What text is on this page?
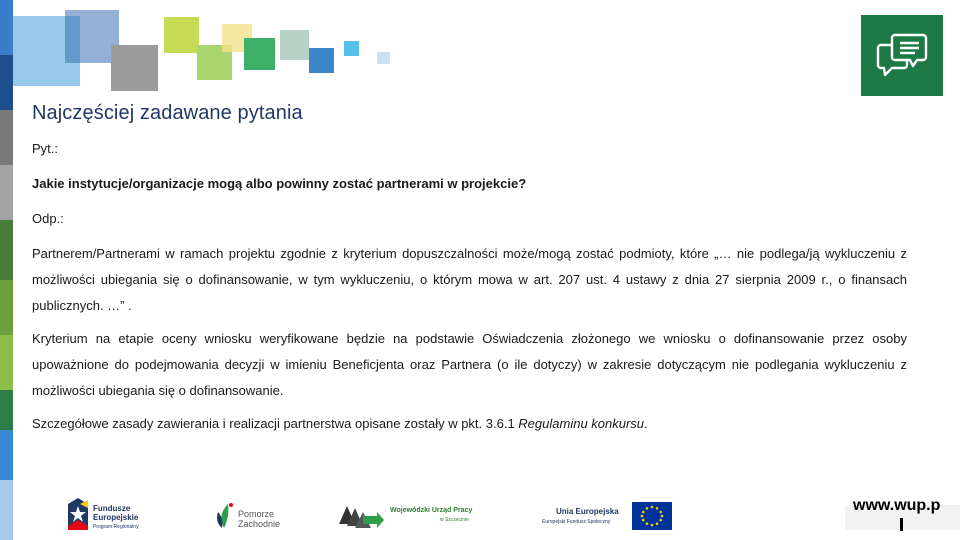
Najczęściej zadawane pytania

Pyt.:

Jakie instytucje/organizacje mogą albo powinny zostać partnerami w projekcie?

Odp.:

Partnerem/Partnerami w ramach projektu zgodnie z kryterium dopuszczalności może/mogą zostać podmioty, które „… nie podlega/ją wykluczeniu z możliwości ubiegania się o dofinansowanie, w tym wykluczeniu, o którym mowa w art. 207 ust. 4 ustawy z dnia 27 sierpnia 2009 r., o finansach publicznych. …” .

Kryterium na etapie oceny wniosku weryfikowane będzie na podstawie Oświadczenia złożonego we wniosku o dofinansowanie przez osoby upoważnione do podejmowania decyzji w imieniu Beneficjenta oraz Partnera (o ile dotyczy) w zakresie dotyczącym nie podlegania wykluczeniu z możliwości ubiegania się o dofinansowanie.

Szczegółowe zasady zawierania i realizacji partnerstwa opisane zostały w pkt. 3.6.1 Regulaminu konkursu.

Fundusze
Europejskie
Program Regionalny
Pomorze
Zachodnie
Wojewódzki Urząd Pracy
w Szczecinie
Unia Europejska
Europejski Fundusz Społeczny
www.wup.p
